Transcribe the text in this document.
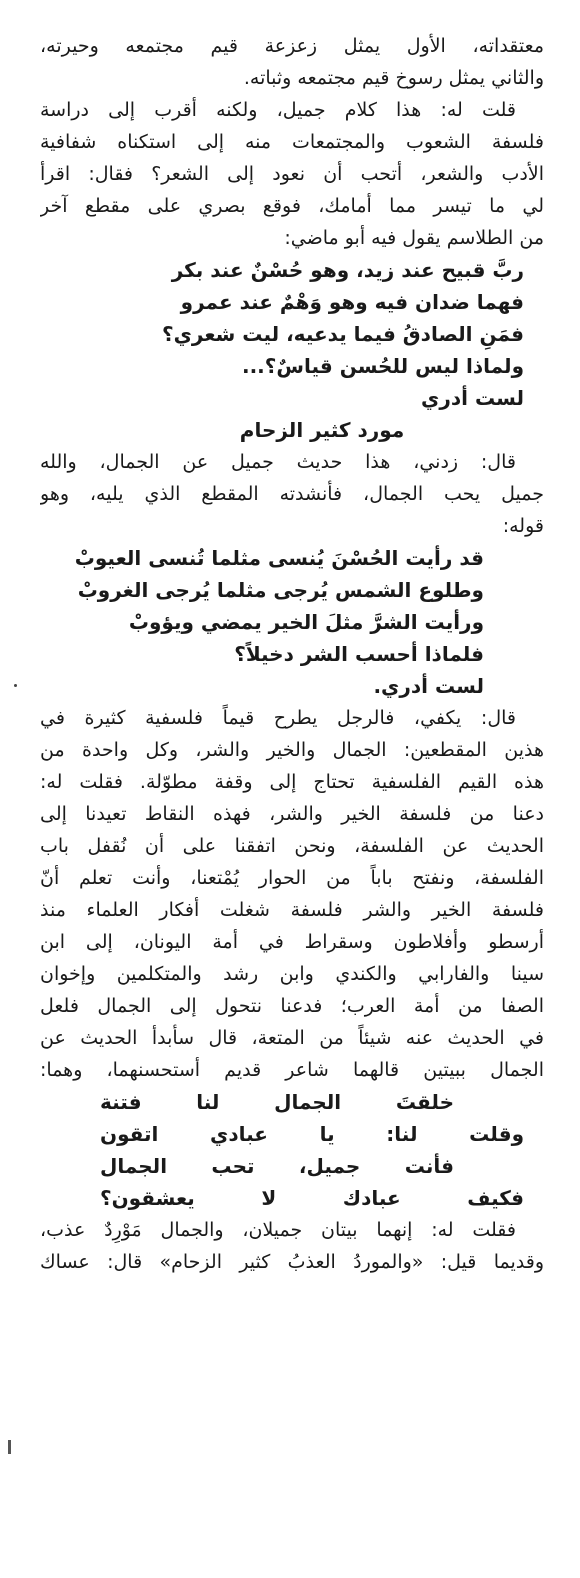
معتقداته، الأول يمثل زعزعة قيم مجتمعه وحيرته،
والثاني يمثل رسوخ قيم مجتمعه وثباته.
قلت له: هذا كلام جميل، ولكنه أقرب إلى دراسة
فلسفة الشعوب والمجتمعات منه إلى استكناه شفافية
الأدب والشعر، أتحب أن نعود إلى الشعر؟ فقال: اقرأ
لي ما تيسر مما أمامك، فوقع بصري على مقطع آخر
من الطلاسم يقول فيه أبو ماضي:
ربَّ قبيح عند زيد، وهو حُسْنٌ عند بكر
فهما ضدان فيه وهو وَهْمٌ عند عمرو
فمَنِ الصادقُ فيما يدعيه، ليت شعري؟
ولماذا ليس للحُسن قياسٌ؟...
لست أدري
مورد كثير الزحام
قال: زدني، هذا حديث جميل عن الجمال، والله
جميل يحب الجمال، فأنشدته المقطع الذي يليه، وهو
قوله:
قد رأيت الحُسْنَ يُنسى مثلما تُنسى العيوبْ
وطلوع الشمس يُرجى مثلما يُرجى الغروبْ
ورأيت الشرَّ مثلَ الخير يمضي ويؤوبْ
فلماذا أحسب الشر دخيلاً؟
لست أدري.
قال: يكفي، فالرجل يطرح قيماً فلسفية كثيرة في
هذين المقطعين: الجمال والخير والشر، وكل واحدة من
هذه القيم الفلسفية تحتاج إلى وقفة مطوّلة. فقلت له:
دعنا من فلسفة الخير والشر، فهذه النقاط تعيدنا إلى
الحديث عن الفلسفة، ونحن اتفقنا على أن نُقفل باب
الفلسفة، ونفتح باباً من الحوار يُمْتعنا، وأنت تعلم أنّ
فلسفة الخير والشر فلسفة شغلت أفكار العلماء منذ
أرسطو وأفلاطون وسقراط في أمة اليونان، إلى ابن
سينا والفارابي والكندي وابن رشد والمتكلمين وإخوان
الصفا من أمة العرب؛ فدعنا نتحول إلى الجمال فلعل
في الحديث عنه شيئاً من المتعة، قال سأبدأ الحديث عن
الجمال ببيتين قالهما شاعر قديم أستحسنهما، وهما:
خلقتَ الجمال لنا فتنة
وقلت لنا: يا عبادي اتقون
فأنت جميل، تحب الجمال
فكيف عبادك لا يعشقون؟
فقلت له: إنهما بيتان جميلان، والجمال مَوْرِدٌ عذب،
وقديما قيل: «والموردُ العذبُ كثير الزحام» قال: عساك
